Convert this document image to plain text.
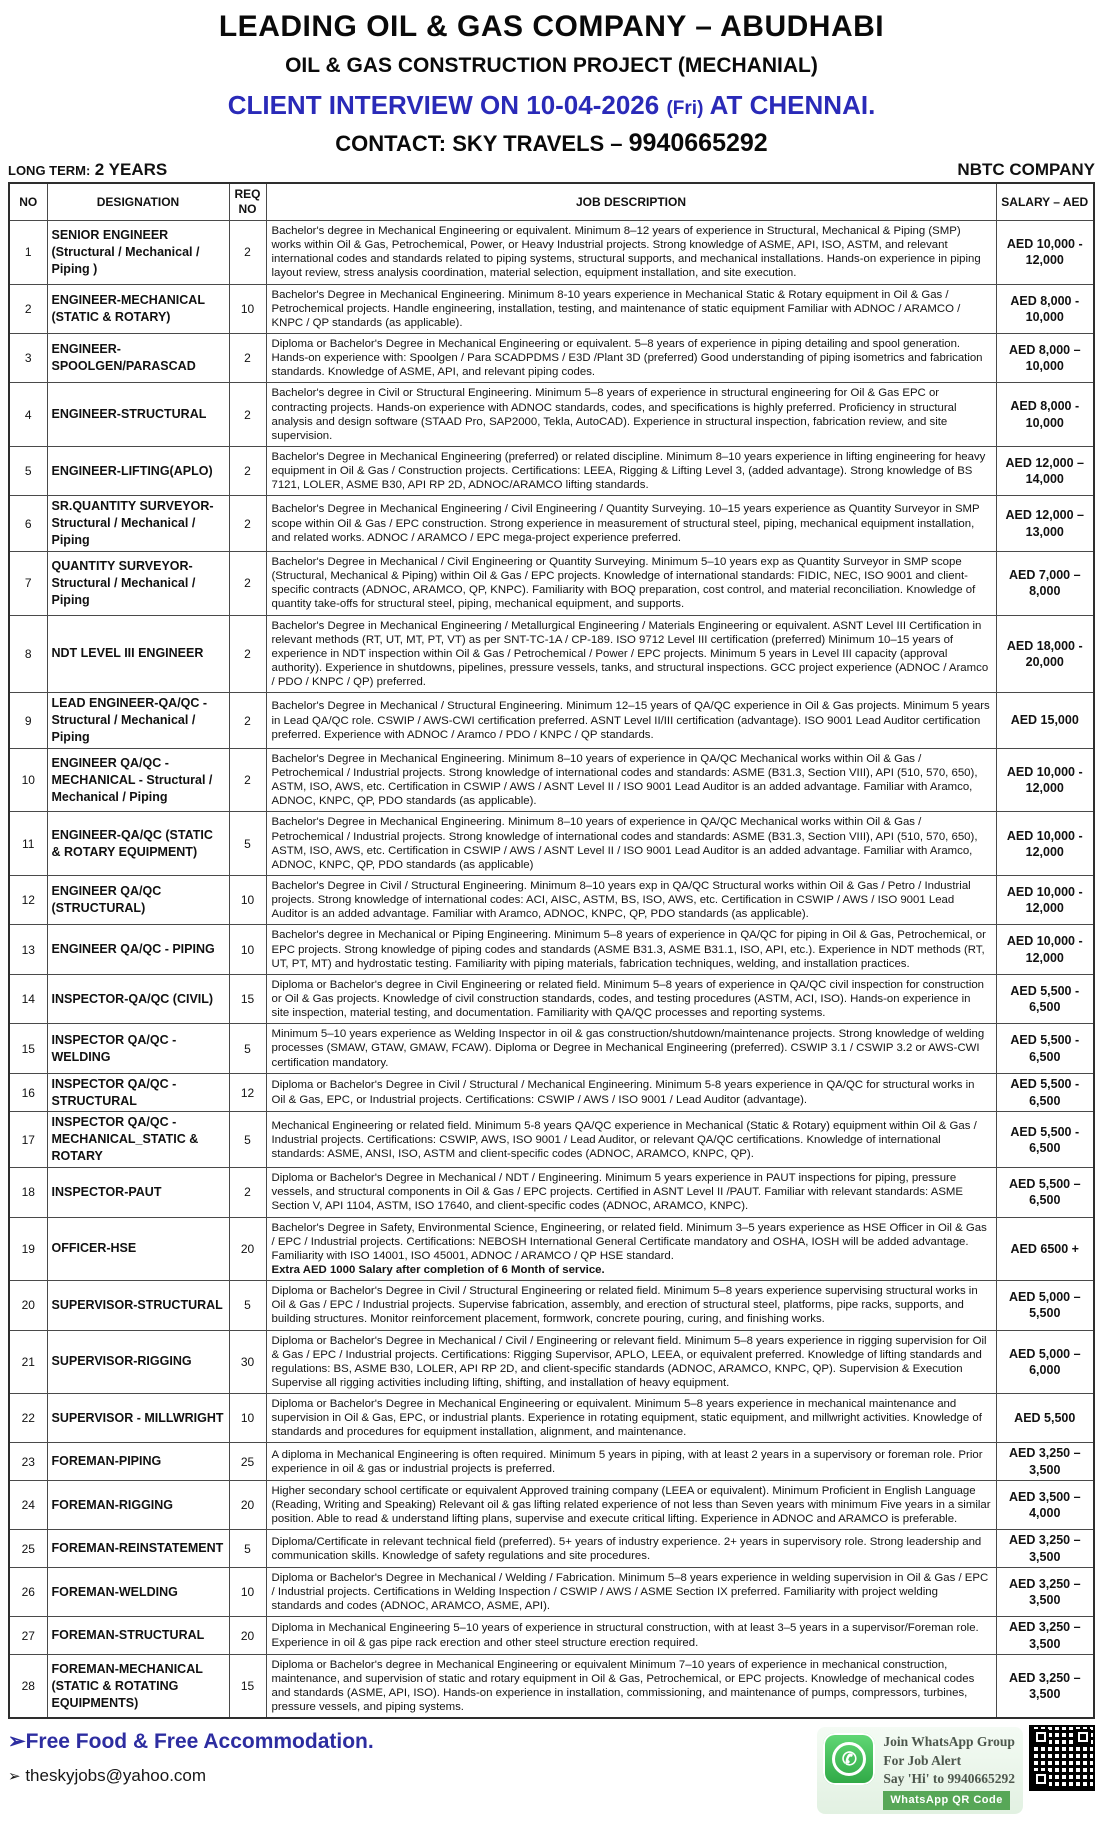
LEADING OIL & GAS COMPANY – ABUDHABI
OIL & GAS CONSTRUCTION PROJECT (MECHANIAL)
CLIENT INTERVIEW ON 10-04-2026 (Fri) AT CHENNAI.
CONTACT: SKY TRAVELS – 9940665292
LONG TERM: 2 YEARS	NBTC COMPANY
NO	DESIGNATION	REQ NO	JOB DESCRIPTION	SALARY – AED
1	SENIOR ENGINEER (Structural / Mechanical / Piping )	2	Bachelor's degree in Mechanical Engineering or equivalent. Minimum 8–12 years of experience in Structural, Mechanical & Piping (SMP) works within Oil & Gas, Petrochemical, Power, or Heavy Industrial projects. Strong knowledge of ASME, API, ISO, ASTM, and relevant international codes and standards related to piping systems, structural supports, and mechanical installations. Hands-on experience in piping layout review, stress analysis coordination, material selection, equipment installation, and site execution.	AED 10,000 - 12,000
2	ENGINEER-MECHANICAL (STATIC & ROTARY)	10	Bachelor's Degree in Mechanical Engineering. Minimum 8-10 years experience in Mechanical Static & Rotary equipment in Oil & Gas / Petrochemical projects. Handle engineering, installation, testing, and maintenance of static equipment Familiar with ADNOC / ARAMCO / KNPC / QP standards (as applicable).	AED 8,000 - 10,000
3	ENGINEER-SPOOLGEN/PARASCAD	2	Diploma or Bachelor's Degree in Mechanical Engineering or equivalent. 5–8 years of experience in piping detailing and spool generation. Hands-on experience with: Spoolgen / Para SCADPDMS / E3D /Plant 3D (preferred) Good understanding of piping isometrics and fabrication standards. Knowledge of ASME, API, and relevant piping codes.	AED 8,000 – 10,000
4	ENGINEER-STRUCTURAL	2	Bachelor's degree in Civil or Structural Engineering. Minimum 5–8 years of experience in structural engineering for Oil & Gas EPC or contracting projects. Hands-on experience with ADNOC standards, codes, and specifications is highly preferred. Proficiency in structural analysis and design software (STAAD Pro, SAP2000, Tekla, AutoCAD). Experience in structural inspection, fabrication review, and site supervision.	AED 8,000 - 10,000
5	ENGINEER-LIFTING(APLO)	2	Bachelor's Degree in Mechanical Engineering (preferred) or related discipline. Minimum 8–10 years experience in lifting engineering for heavy equipment in Oil & Gas / Construction projects. Certifications: LEEA, Rigging & Lifting Level 3, (added advantage). Strong knowledge of BS 7121, LOLER, ASME B30, API RP 2D, ADNOC/ARAMCO lifting standards.	AED 12,000 – 14,000
6	SR.QUANTITY SURVEYOR- Structural / Mechanical / Piping	2	Bachelor's Degree in Mechanical Engineering / Civil Engineering / Quantity Surveying. 10–15 years experience as Quantity Surveyor in SMP scope within Oil & Gas / EPC construction. Strong experience in measurement of structural steel, piping, mechanical equipment installation, and related works. ADNOC / ARAMCO / EPC mega-project experience preferred.	AED 12,000 – 13,000
7	QUANTITY SURVEYOR- Structural / Mechanical / Piping	2	Bachelor's Degree in Mechanical / Civil Engineering or Quantity Surveying. Minimum 5–10 years exp as Quantity Surveyor in SMP scope (Structural, Mechanical & Piping) within Oil & Gas / EPC projects. Knowledge of international standards: FIDIC, NEC, ISO 9001 and client-specific contracts (ADNOC, ARAMCO, QP, KNPC). Familiarity with BOQ preparation, cost control, and material reconciliation. Knowledge of quantity take-offs for structural steel, piping, mechanical equipment, and supports.	AED 7,000 – 8,000
8	NDT LEVEL III ENGINEER	2	Bachelor's Degree in Mechanical Engineering / Metallurgical Engineering / Materials Engineering or equivalent. ASNT Level III Certification in relevant methods (RT, UT, MT, PT, VT) as per SNT-TC-1A / CP-189. ISO 9712 Level III certification (preferred) Minimum 10–15 years of experience in NDT inspection within Oil & Gas / Petrochemical / Power / EPC projects. Minimum 5 years in Level III capacity (approval authority). Experience in shutdowns, pipelines, pressure vessels, tanks, and structural inspections. GCC project experience (ADNOC / Aramco / PDO / KNPC / QP) preferred.	AED 18,000 - 20,000
9	LEAD ENGINEER-QA/QC - Structural / Mechanical / Piping	2	Bachelor's Degree in Mechanical / Structural Engineering. Minimum 12–15 years of QA/QC experience in Oil & Gas projects. Minimum 5 years in Lead QA/QC role. CSWIP / AWS-CWI certification preferred. ASNT Level II/III certification (advantage). ISO 9001 Lead Auditor certification preferred. Experience with ADNOC / Aramco / PDO / KNPC / QP standards.	AED 15,000
10	ENGINEER QA/QC - MECHANICAL - Structural / Mechanical / Piping	2	Bachelor's Degree in Mechanical Engineering. Minimum 8–10 years of experience in QA/QC Mechanical works within Oil & Gas / Petrochemical / Industrial projects. Strong knowledge of international codes and standards: ASME (B31.3, Section VIII), API (510, 570, 650), ASTM, ISO, AWS, etc. Certification in CSWIP / AWS / ASNT Level II / ISO 9001 Lead Auditor is an added advantage. Familiar with Aramco, ADNOC, KNPC, QP, PDO standards (as applicable).	AED 10,000 - 12,000
11	ENGINEER-QA/QC (STATIC & ROTARY EQUIPMENT)	5	Bachelor's Degree in Mechanical Engineering. Minimum 8–10 years of experience in QA/QC Mechanical works within Oil & Gas / Petrochemical / Industrial projects. Strong knowledge of international codes and standards: ASME (B31.3, Section VIII), API (510, 570, 650), ASTM, ISO, AWS, etc. Certification in CSWIP / AWS / ASNT Level II / ISO 9001 Lead Auditor is an added advantage. Familiar with Aramco, ADNOC, KNPC, QP, PDO standards (as applicable)	AED 10,000 - 12,000
12	ENGINEER QA/QC (STRUCTURAL)	10	Bachelor's Degree in Civil / Structural Engineering. Minimum 8–10 years exp in QA/QC Structural works within Oil & Gas / Petro / Industrial projects. Strong knowledge of international codes: ACI, AISC, ASTM, BS, ISO, AWS, etc. Certification in CSWIP / AWS / ISO 9001 Lead Auditor is an added advantage. Familiar with Aramco, ADNOC, KNPC, QP, PDO standards (as applicable).	AED 10,000 - 12,000
13	ENGINEER QA/QC - PIPING	10	Bachelor's degree in Mechanical or Piping Engineering. Minimum 5–8 years of experience in QA/QC for piping in Oil & Gas, Petrochemical, or EPC projects. Strong knowledge of piping codes and standards (ASME B31.3, ASME B31.1, ISO, API, etc.). Experience in NDT methods (RT, UT, PT, MT) and hydrostatic testing. Familiarity with piping materials, fabrication techniques, welding, and installation practices.	AED 10,000 - 12,000
14	INSPECTOR-QA/QC (CIVIL)	15	Diploma or Bachelor's degree in Civil Engineering or related field. Minimum 5–8 years of experience in QA/QC civil inspection for construction or Oil & Gas projects. Knowledge of civil construction standards, codes, and testing procedures (ASTM, ACI, ISO). Hands-on experience in site inspection, material testing, and documentation. Familiarity with QA/QC processes and reporting systems.	AED 5,500 - 6,500
15	INSPECTOR QA/QC - WELDING	5	Minimum 5–10 years experience as Welding Inspector in oil & gas construction/shutdown/maintenance projects. Strong knowledge of welding processes (SMAW, GTAW, GMAW, FCAW). Diploma or Degree in Mechanical Engineering (preferred). CSWIP 3.1 / CSWIP 3.2 or AWS-CWI certification mandatory.	AED 5,500 - 6,500
16	INSPECTOR QA/QC - STRUCTURAL	12	Diploma or Bachelor's Degree in Civil / Structural / Mechanical Engineering. Minimum 5-8 years experience in QA/QC for structural works in Oil & Gas, EPC, or Industrial projects. Certifications: CSWIP / AWS / ISO 9001 / Lead Auditor (advantage).	AED 5,500 - 6,500
17	INSPECTOR QA/QC - MECHANICAL_STATIC & ROTARY	5	Mechanical Engineering or related field. Minimum 5-8 years QA/QC experience in Mechanical (Static & Rotary) equipment within Oil & Gas / Industrial projects. Certifications: CSWIP, AWS, ISO 9001 / Lead Auditor, or relevant QA/QC certifications. Knowledge of international standards: ASME, ANSI, ISO, ASTM and client-specific codes (ADNOC, ARAMCO, KNPC, QP).	AED 5,500 - 6,500
18	INSPECTOR-PAUT	2	Diploma or Bachelor's Degree in Mechanical / NDT / Engineering. Minimum 5 years experience in PAUT inspections for piping, pressure vessels, and structural components in Oil & Gas / EPC projects. Certified in ASNT Level II /PAUT. Familiar with relevant standards: ASME Section V, API 1104, ASTM, ISO 17640, and client-specific codes (ADNOC, ARAMCO, KNPC).	AED 5,500 – 6,500
19	OFFICER-HSE	20	Bachelor's Degree in Safety, Environmental Science, Engineering, or related field. Minimum 3–5 years experience as HSE Officer in Oil & Gas / EPC / Industrial projects. Certifications: NEBOSH International General Certificate mandatory and OSHA, IOSH will be added advantage. Familiarity with ISO 14001, ISO 45001, ADNOC / ARAMCO / QP HSE standard.
Extra AED 1000 Salary after completion of 6 Month of service.	AED 6500 +
20	SUPERVISOR-STRUCTURAL	5	Diploma or Bachelor's Degree in Civil / Structural Engineering or related field. Minimum 5–8 years experience supervising structural works in Oil & Gas / EPC / Industrial projects. Supervise fabrication, assembly, and erection of structural steel, platforms, pipe racks, supports, and building structures. Monitor reinforcement placement, formwork, concrete pouring, curing, and finishing works.	AED 5,000 – 5,500
21	SUPERVISOR-RIGGING	30	Diploma or Bachelor's Degree in Mechanical / Civil / Engineering or relevant field. Minimum 5–8 years experience in rigging supervision for Oil & Gas / EPC / Industrial projects. Certifications: Rigging Supervisor, APLO, LEEA, or equivalent preferred. Knowledge of lifting standards and regulations: BS, ASME B30, LOLER, API RP 2D, and client-specific standards (ADNOC, ARAMCO, KNPC, QP). Supervision & Execution Supervise all rigging activities including lifting, shifting, and installation of heavy equipment.	AED 5,000 – 6,000
22	SUPERVISOR - MILLWRIGHT	10	Diploma or Bachelor's Degree in Mechanical Engineering or equivalent. Minimum 5–8 years experience in mechanical maintenance and supervision in Oil & Gas, EPC, or industrial plants. Experience in rotating equipment, static equipment, and millwright activities. Knowledge of standards and procedures for equipment installation, alignment, and maintenance.	AED 5,500
23	FOREMAN-PIPING	25	A diploma in Mechanical Engineering is often required. Minimum 5 years in piping, with at least 2 years in a supervisory or foreman role. Prior experience in oil & gas or industrial projects is preferred.	AED 3,250 – 3,500
24	FOREMAN-RIGGING	20	Higher secondary school certificate or equivalent Approved training company (LEEA or equivalent). Minimum Proficient in English Language (Reading, Writing and Speaking) Relevant oil & gas lifting related experience of not less than Seven years with minimum Five years in a similar position. Able to read & understand lifting plans, supervise and execute critical lifting. Experience in ADNOC and ARAMCO is preferable.	AED 3,500 – 4,000
25	FOREMAN-REINSTATEMENT	5	Diploma/Certificate in relevant technical field (preferred). 5+ years of industry experience. 2+ years in supervisory role. Strong leadership and communication skills. Knowledge of safety regulations and site procedures.	AED 3,250 – 3,500
26	FOREMAN-WELDING	10	Diploma or Bachelor's Degree in Mechanical / Welding / Fabrication. Minimum 5–8 years experience in welding supervision in Oil & Gas / EPC / Industrial projects. Certifications in Welding Inspection / CSWIP / AWS / ASME Section IX preferred. Familiarity with project welding standards and codes (ADNOC, ARAMCO, ASME, API).	AED 3,250 – 3,500
27	FOREMAN-STRUCTURAL	20	Diploma in Mechanical Engineering 5–10 years of experience in structural construction, with at least 3–5 years in a supervisor/Foreman role. Experience in oil & gas pipe rack erection and other steel structure erection required.	AED 3,250 – 3,500
28	FOREMAN-MECHANICAL (STATIC & ROTATING EQUIPMENTS)	15	Diploma or Bachelor's degree in Mechanical Engineering or equivalent Minimum 7–10 years of experience in mechanical construction, maintenance, and supervision of static and rotary equipment in Oil & Gas, Petrochemical, or EPC projects. Knowledge of mechanical codes and standards (ASME, API, ISO). Hands-on experience in installation, commissioning, and maintenance of pumps, compressors, turbines, pressure vessels, and piping systems.	AED 3,250 – 3,500
➢Free Food & Free Accommodation.
➢ theskyjobs@yahoo.com
✆
Join WhatsApp Group
For Job Alert
Say 'Hi' to 9940665292
WhatsApp QR Code
